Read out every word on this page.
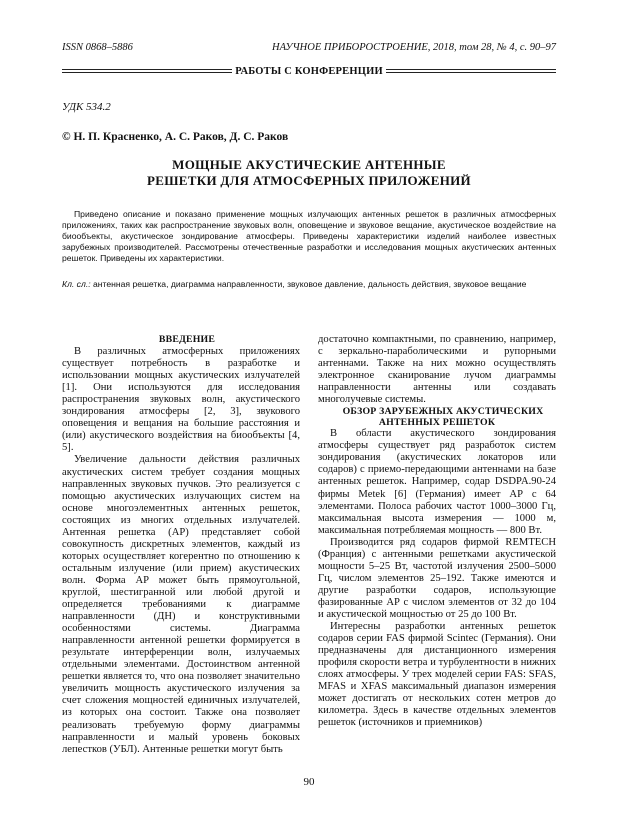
ISSN 0868–5886	НАУЧНОЕ ПРИБОРОСТРОЕНИЕ, 2018, том 28, № 4, с. 90–97
РАБОТЫ С КОНФЕРЕНЦИИ
УДК 534.2
© Н. П. Красненко, А. С. Раков, Д. С. Раков
МОЩНЫЕ АКУСТИЧЕСКИЕ АНТЕННЫЕ
РЕШЕТКИ ДЛЯ АТМОСФЕРНЫХ ПРИЛОЖЕНИЙ
Приведено описание и показано применение мощных излучающих антенных решеток в различных атмосферных приложениях, таких как распространение звуковых волн, оповещение и звуковое вещание, акустическое воздействие на биообъекты, акустическое зондирование атмосферы. Приведены характеристики изделий наиболее известных зарубежных производителей. Рассмотрены отечественные разработки и исследования мощных акустических антенных решеток. Приведены их характеристики.
Кл. сл.: антенная решетка, диаграмма направленности, звуковое давление, дальность действия, звуковое вещание

ВВЕДЕНИЕ

В различных атмосферных приложениях существует потребность в разработке и использовании мощных акустических излучателей [1]. Они используются для исследования распространения звуковых волн, акустического зондирования атмосферы [2, 3], звукового оповещения и вещания на большие расстояния и (или) акустического воздействия на биообъекты [4, 5].

Увеличение дальности действия различных акустических систем требует создания мощных направленных звуковых пучков. Это реализуется с помощью акустических излучающих систем на основе многоэлементных антенных решеток, состоящих из многих отдельных излучателей. Антенная решетка (АР) представляет собой совокупность дискретных элементов, каждый из которых осуществляет когерентно по отношению к остальным излучение (или прием) акустических волн. Форма АР может быть прямоугольной, круглой, шестигранной или любой другой и определяется требованиями к диаграмме направленности (ДН) и конструктивными особенностями системы. Диаграмма направленности антенной решетки формируется в результате интерференции волн, излучаемых отдельными элементами. Достоинством антенной решетки является то, что она позволяет значительно увеличить мощность акустического излучения за счет сложения мощностей единичных излучателей, из которых она состоит. Также она позволяет реализовать требуемую форму диаграммы направленности и малый уровень боковых лепестков (УБЛ). Антенные решетки могут быть

достаточно компактными, по сравнению, например, с зеркально-параболическими и рупорными антеннами. Также на них можно осуществлять электронное сканирование лучом диаграммы направленности антенны или создавать многолучевые системы.

ОБЗОР ЗАРУБЕЖНЫХ АКУСТИЧЕСКИХ
АНТЕННЫХ РЕШЕТОК

В области акустического зондирования атмосферы существует ряд разработок систем зондирования (акустических локаторов или содаров) с приемо-передающими антеннами на базе антенных решеток. Например, содар DSDPA.90-24 фирмы Metek [6] (Германия) имеет АР с 64 элементами. Полоса рабочих частот 1000–3000 Гц, максимальная высота измерения — 1000 м, максимальная потребляемая мощность — 800 Вт.

Производится ряд содаров фирмой REMTECH (Франция) с антенными решетками акустической мощности 5–25 Вт, частотой излучения 2500–5000 Гц, числом элементов 25–192. Также имеются и другие разработки содаров, использующие фазированные АР с числом элементов от 32 до 104 и акустической мощностью от 25 до 100 Вт.

Интересны разработки антенных решеток содаров серии FAS фирмой Scintec (Германия). Они предназначены для дистанционного измерения профиля скорости ветра и турбулентности в нижних слоях атмосферы. У трех моделей серии FAS: SFAS, MFAS и XFAS максимальный диапазон измерения может достигать от нескольких сотен метров до километра. Здесь в качестве отдельных элементов решеток (источников и приемников)

90
